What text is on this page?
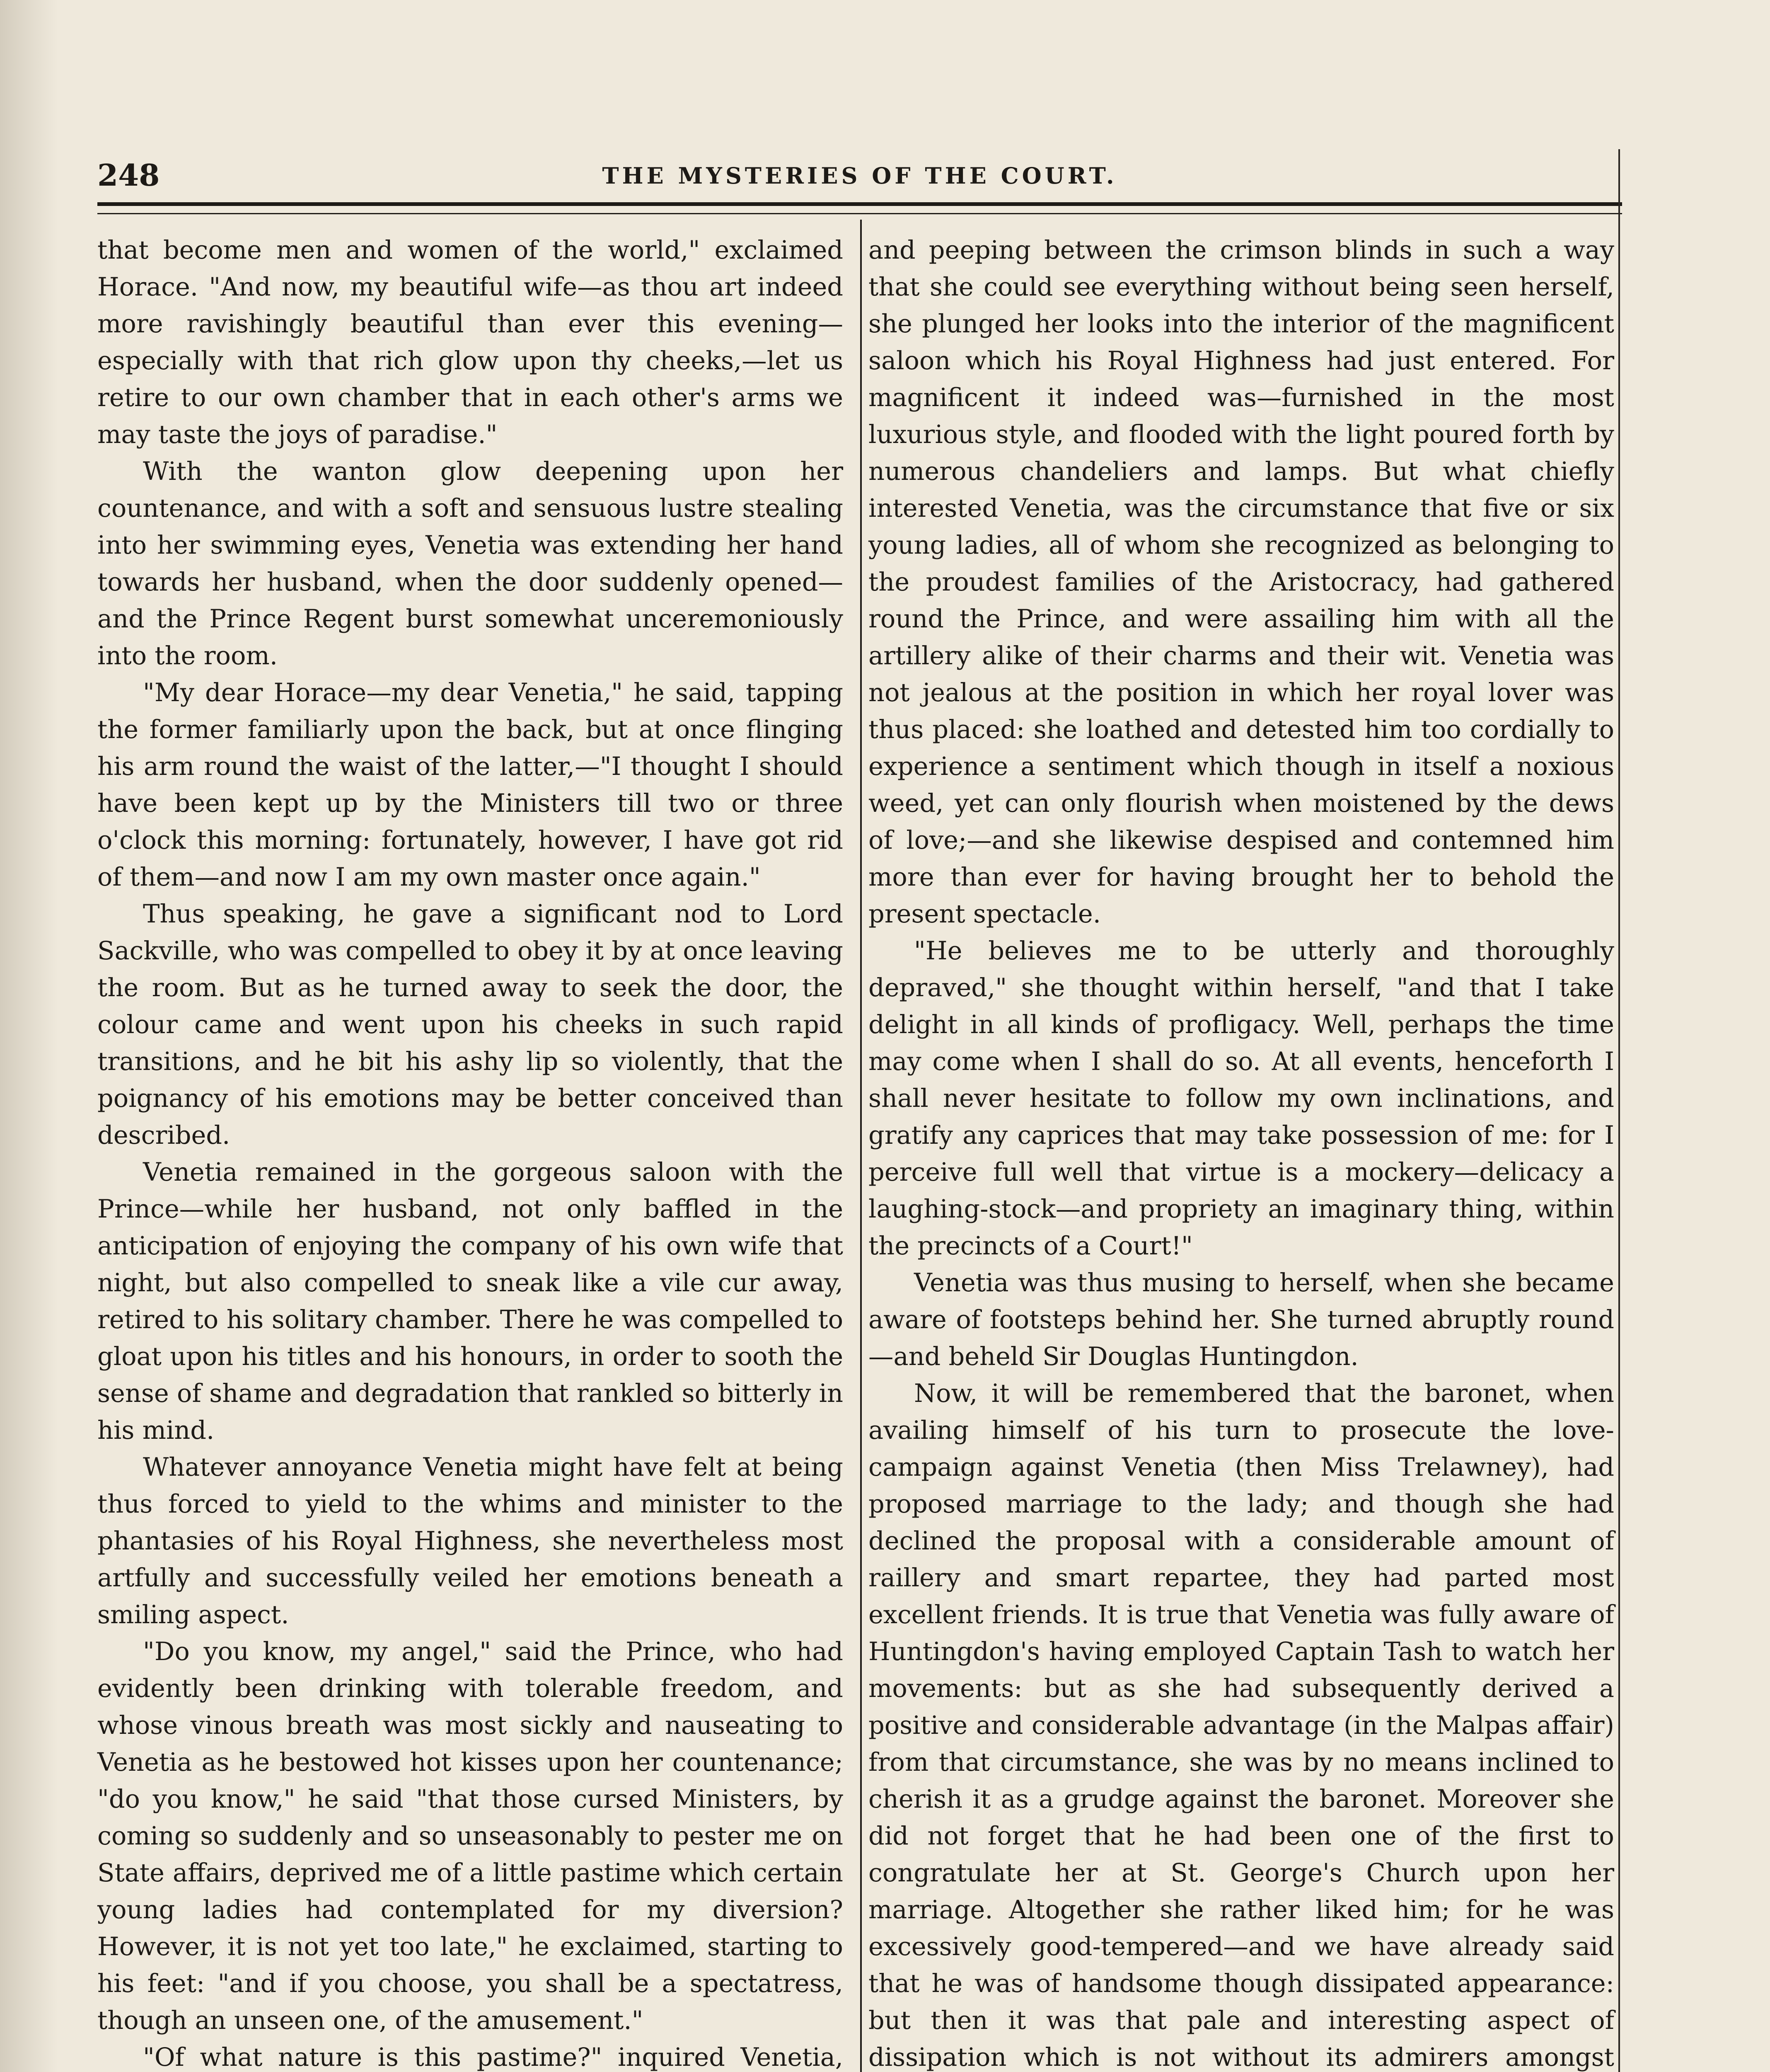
248	THE MYSTERIES OF THE COURT.

that become men and women of the world," exclaimed Horace. "And now, my beautiful wife—as thou art indeed more ravishingly beautiful than ever this evening—especially with that rich glow upon thy cheeks,—let us retire to our own chamber that in each other's arms we may taste the joys of paradise."

With the wanton glow deepening upon her countenance, and with a soft and sensuous lustre stealing into her swimming eyes, Venetia was extending her hand towards her husband, when the door suddenly opened—and the Prince Regent burst somewhat unceremoniously into the room.

"My dear Horace—my dear Venetia," he said, tapping the former familiarly upon the back, but at once flinging his arm round the waist of the latter,—"I thought I should have been kept up by the Ministers till two or three o'clock this morning: fortunately, however, I have got rid of them—and now I am my own master once again."

Thus speaking, he gave a significant nod to Lord Sackville, who was compelled to obey it by at once leaving the room. But as he turned away to seek the door, the colour came and went upon his cheeks in such rapid transitions, and he bit his ashy lip so violently, that the poignancy of his emotions may be better conceived than described.

Venetia remained in the gorgeous saloon with the Prince—while her husband, not only baffled in the anticipation of enjoying the company of his own wife that night, but also compelled to sneak like a vile cur away, retired to his solitary chamber. There he was compelled to gloat upon his titles and his honours, in order to sooth the sense of shame and degradation that rankled so bitterly in his mind.

Whatever annoyance Venetia might have felt at being thus forced to yield to the whims and minister to the phantasies of his Royal Highness, she nevertheless most artfully and successfully veiled her emotions beneath a smiling aspect.

"Do you know, my angel," said the Prince, who had evidently been drinking with tolerable freedom, and whose vinous breath was most sickly and nauseating to Venetia as he bestowed hot kisses upon her countenance; "do you know," he said "that those cursed Ministers, by coming so suddenly and so unseasonably to pester me on State affairs, deprived me of a little pastime which certain young ladies had contemplated for my diversion? However, it is not yet too late," he exclaimed, starting to his feet: "and if you choose, you shall be a spectatress, though an unseen one, of the amusement."

"Of what nature is this pastime?" inquired Venetia,

and peeping between the crimson blinds in such a way that she could see everything without being seen herself, she plunged her looks into the interior of the magnificent saloon which his Royal Highness had just entered. For magnificent it indeed was—furnished in the most luxurious style, and flooded with the light poured forth by numerous chandeliers and lamps. But what chiefly interested Venetia, was the circumstance that five or six young ladies, all of whom she recognized as belonging to the proudest families of the Aristocracy, had gathered round the Prince, and were assailing him with all the artillery alike of their charms and their wit. Venetia was not jealous at the position in which her royal lover was thus placed: she loathed and detested him too cordially to experience a sentiment which though in itself a noxious weed, yet can only flourish when moistened by the dews of love;—and she likewise despised and contemned him more than ever for having brought her to behold the present spectacle.

"He believes me to be utterly and thoroughly depraved," she thought within herself, "and that I take delight in all kinds of profligacy. Well, perhaps the time may come when I shall do so. At all events, henceforth I shall never hesitate to follow my own inclinations, and gratify any caprices that may take possession of me: for I perceive full well that virtue is a mockery—delicacy a laughing-stock—and propriety an imaginary thing, within the precincts of a Court!"

Venetia was thus musing to herself, when she became aware of footsteps behind her. She turned abruptly round—and beheld Sir Douglas Huntingdon.

Now, it will be remembered that the baronet, when availing himself of his turn to prosecute the love-campaign against Venetia (then Miss Trelawney), had proposed marriage to the lady; and though she had declined the proposal with a considerable amount of raillery and smart repartee, they had parted most excellent friends. It is true that Venetia was fully aware of Huntingdon's having employed Captain Tash to watch her movements: but as she had subsequently derived a positive and considerable advantage (in the Malpas affair) from that circumstance, she was by no means inclined to cherish it as a grudge against the baronet. Moreover she did not forget that he had been one of the first to congratulate her at St. George's Church upon her marriage. Altogether she rather liked him; for he was excessively good-tempered—and we have already said that he was of handsome though dissipated appearance: but then it was that pale and interesting aspect of dissipation which is not without its admirers amongst
